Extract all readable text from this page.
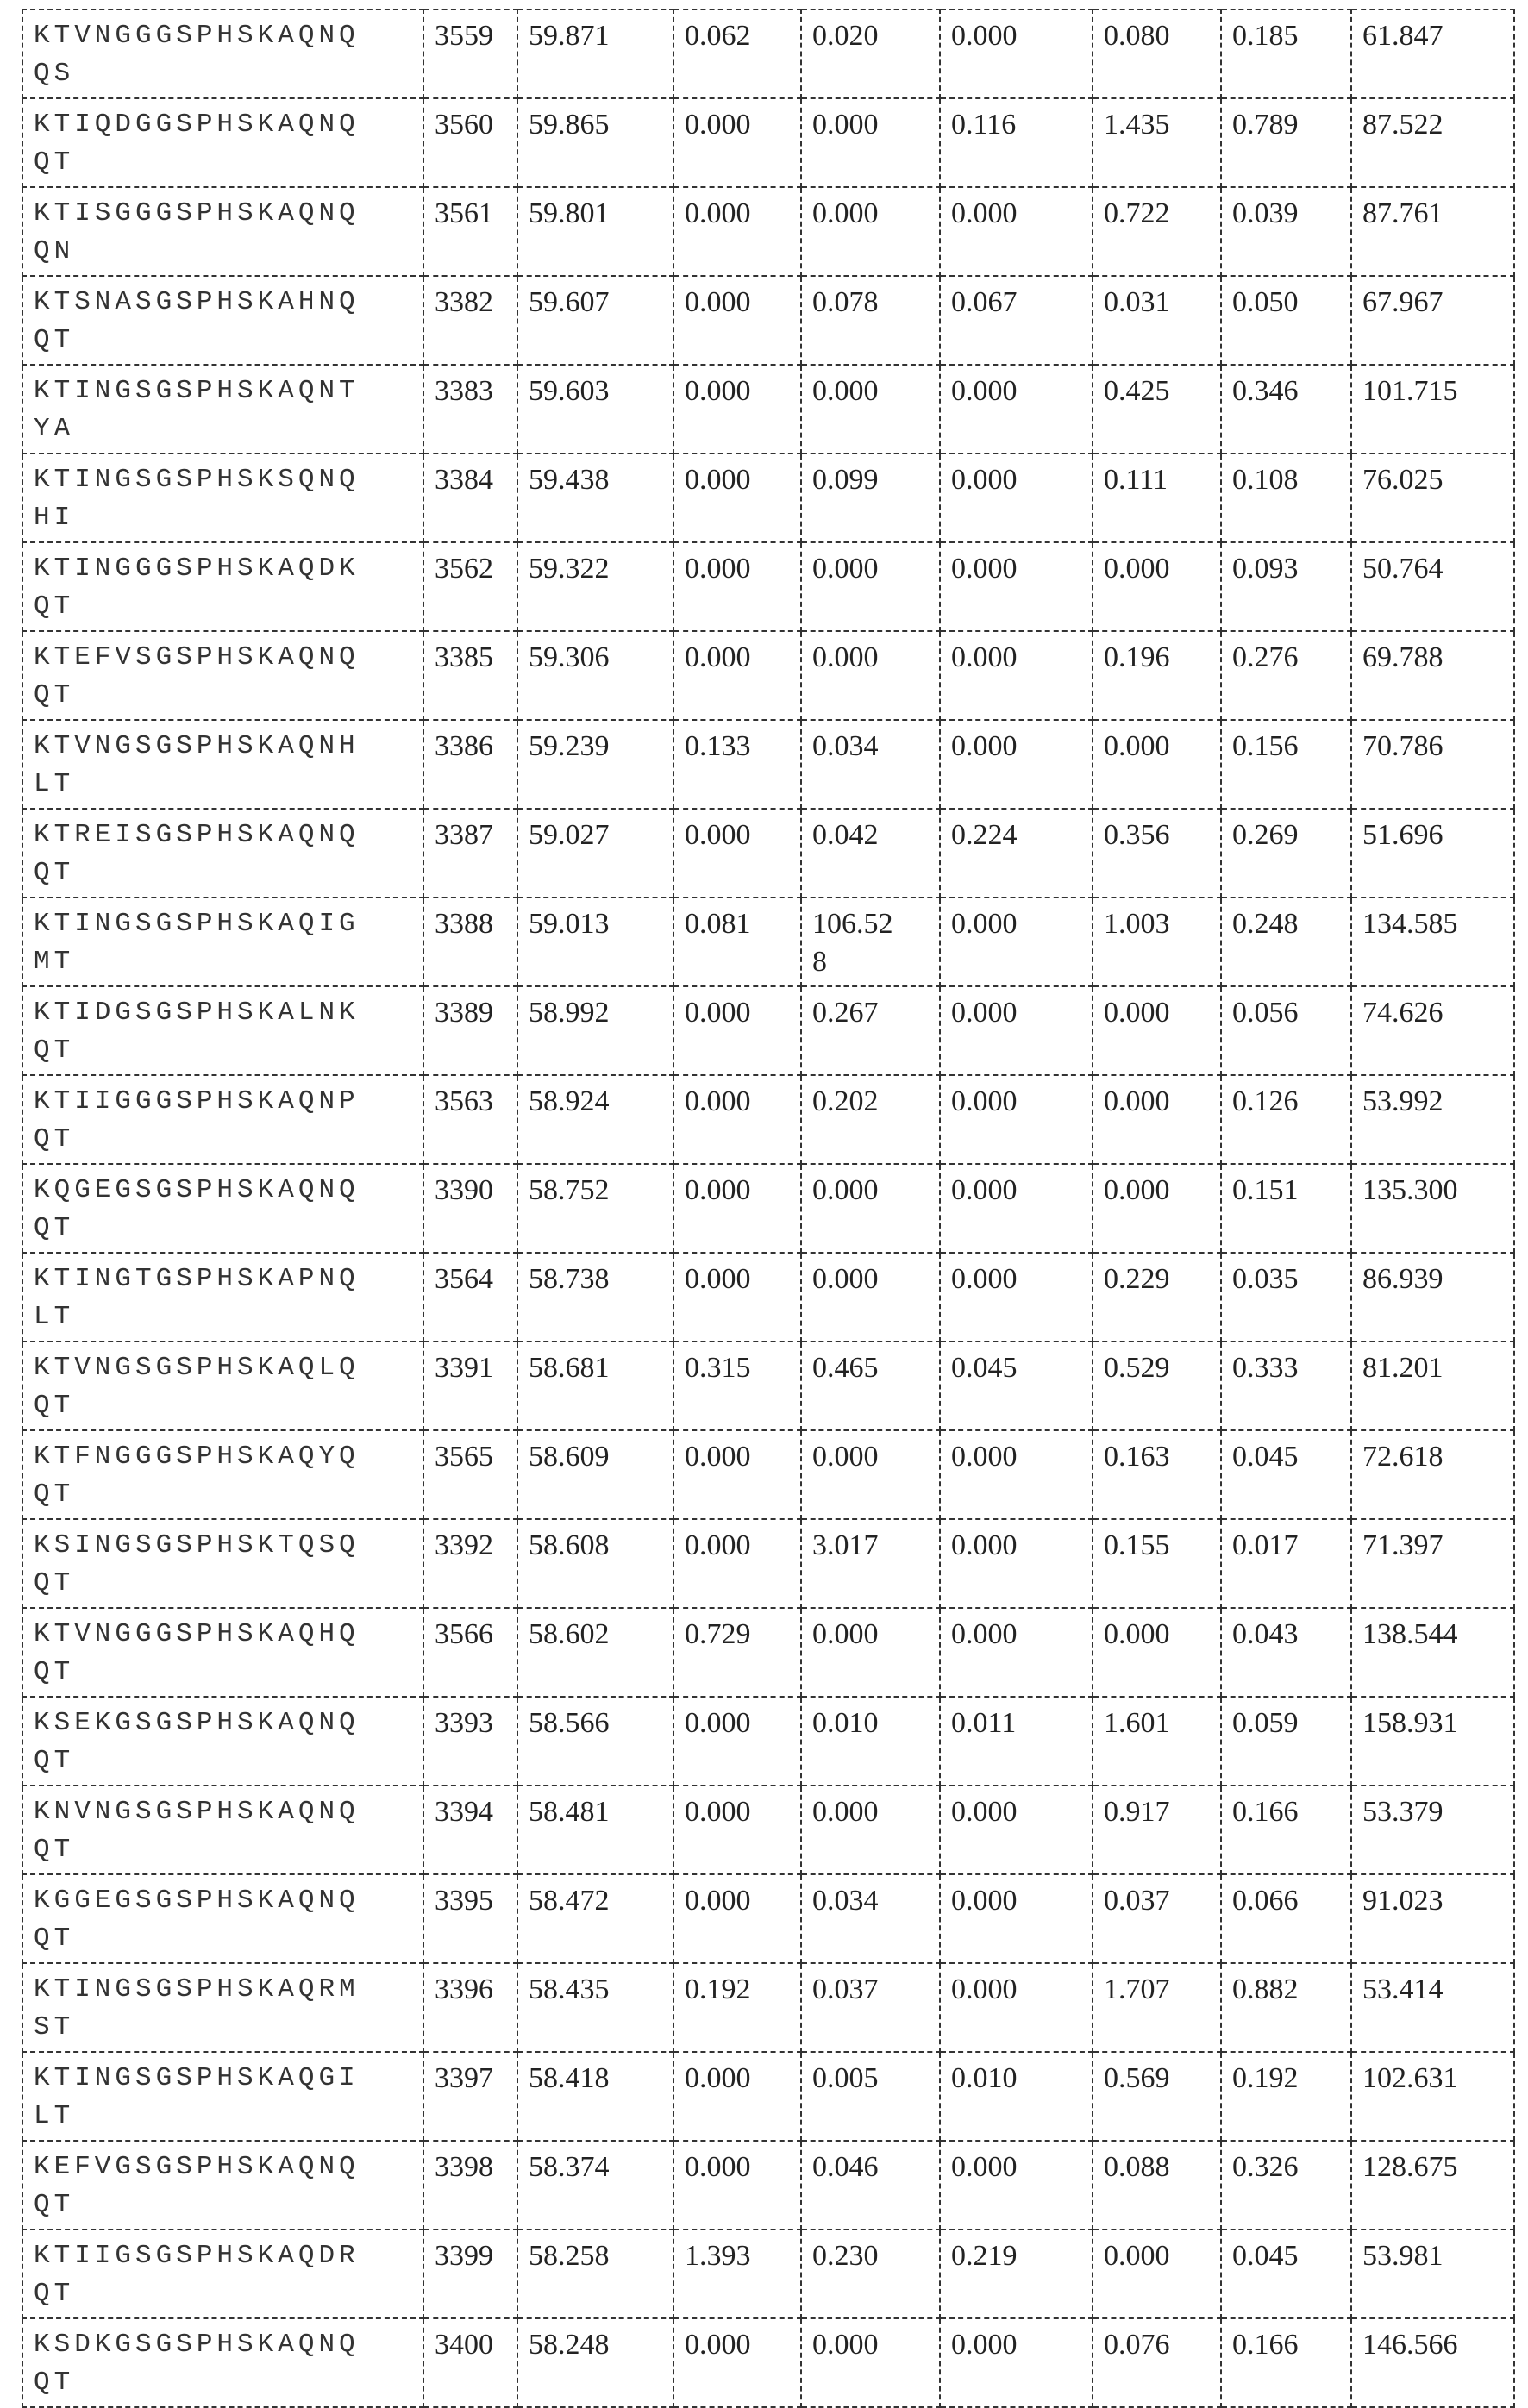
KTVNGGGSPHSKAQNQQS

3559	59.871	0.062	0.020	0.000	0.080	0.185	61.847

KTIQDGGSPHSKAQNQQT

3560	59.865	0.000	0.000	0.116	1.435	0.789	87.522

KTISGGGSPHSKAQNQQN

3561	59.801	0.000	0.000	0.000	0.722	0.039	87.761

KTSNASGSPHSKAHNQQT

3382	59.607	0.000	0.078	0.067	0.031	0.050	67.967

KTINGSGSPHSKAQNTYA

3383	59.603	0.000	0.000	0.000	0.425	0.346	101.715

KTINGSGSPHSKSQNQHI

3384	59.438	0.000	0.099	0.000	0.111	0.108	76.025

KTINGGGSPHSKAQDKQT

3562	59.322	0.000	0.000	0.000	0.000	0.093	50.764

KTEFVSGSPHSKAQNQQT

3385	59.306	0.000	0.000	0.000	0.196	0.276	69.788

KTVNGSGSPHSKAQNHLT

3386	59.239	0.133	0.034	0.000	0.000	0.156	70.786

KTREISGSPHSKAQNQQT

3387	59.027	0.000	0.042	0.224	0.356	0.269	51.696

KTINGSGSPHSKAQIGMT

3388	59.013	0.081	106.528

0.000	1.003	0.248	134.585

KTIDGSGSPHSKALNKQT

3389	58.992	0.000	0.267	0.000	0.000	0.056	74.626

KTIIGGGSPHSKAQNPQT

3563	58.924	0.000	0.202	0.000	0.000	0.126	53.992

KQGEGSGSPHSKAQNQQT

3390	58.752	0.000	0.000	0.000	0.000	0.151	135.300

KTINGTGSPHSKAPNQLT

3564	58.738	0.000	0.000	0.000	0.229	0.035	86.939

KTVNGSGSPHSKAQLQQT

3391	58.681	0.315	0.465	0.045	0.529	0.333	81.201

KTFNGGGSPHSKAQYQQT

3565	58.609	0.000	0.000	0.000	0.163	0.045	72.618

KSINGSGSPHSKTQSQQT

3392	58.608	0.000	3.017	0.000	0.155	0.017	71.397

KTVNGGGSPHSKAQHQQT

3566	58.602	0.729	0.000	0.000	0.000	0.043	138.544

KSEKGSGSPHSKAQNQQT

3393	58.566	0.000	0.010	0.011	1.601	0.059	158.931

KNVNGSGSPHSKAQNQQT

3394	58.481	0.000	0.000	0.000	0.917	0.166	53.379

KGGEGSGSPHSKAQNQQT

3395	58.472	0.000	0.034	0.000	0.037	0.066	91.023

KTINGSGSPHSKAQRMST

3396	58.435	0.192	0.037	0.000	1.707	0.882	53.414

KTINGSGSPHSKAQGILT

3397	58.418	0.000	0.005	0.010	0.569	0.192	102.631

KEFVGSGSPHSKAQNQQT

3398	58.374	0.000	0.046	0.000	0.088	0.326	128.675

KTIIGSGSPHSKAQDRQT

3399	58.258	1.393	0.230	0.219	0.000	0.045	53.981

KSDKGSGSPHSKAQNQQT

3400	58.248	0.000	0.000	0.000	0.076	0.166	146.566
